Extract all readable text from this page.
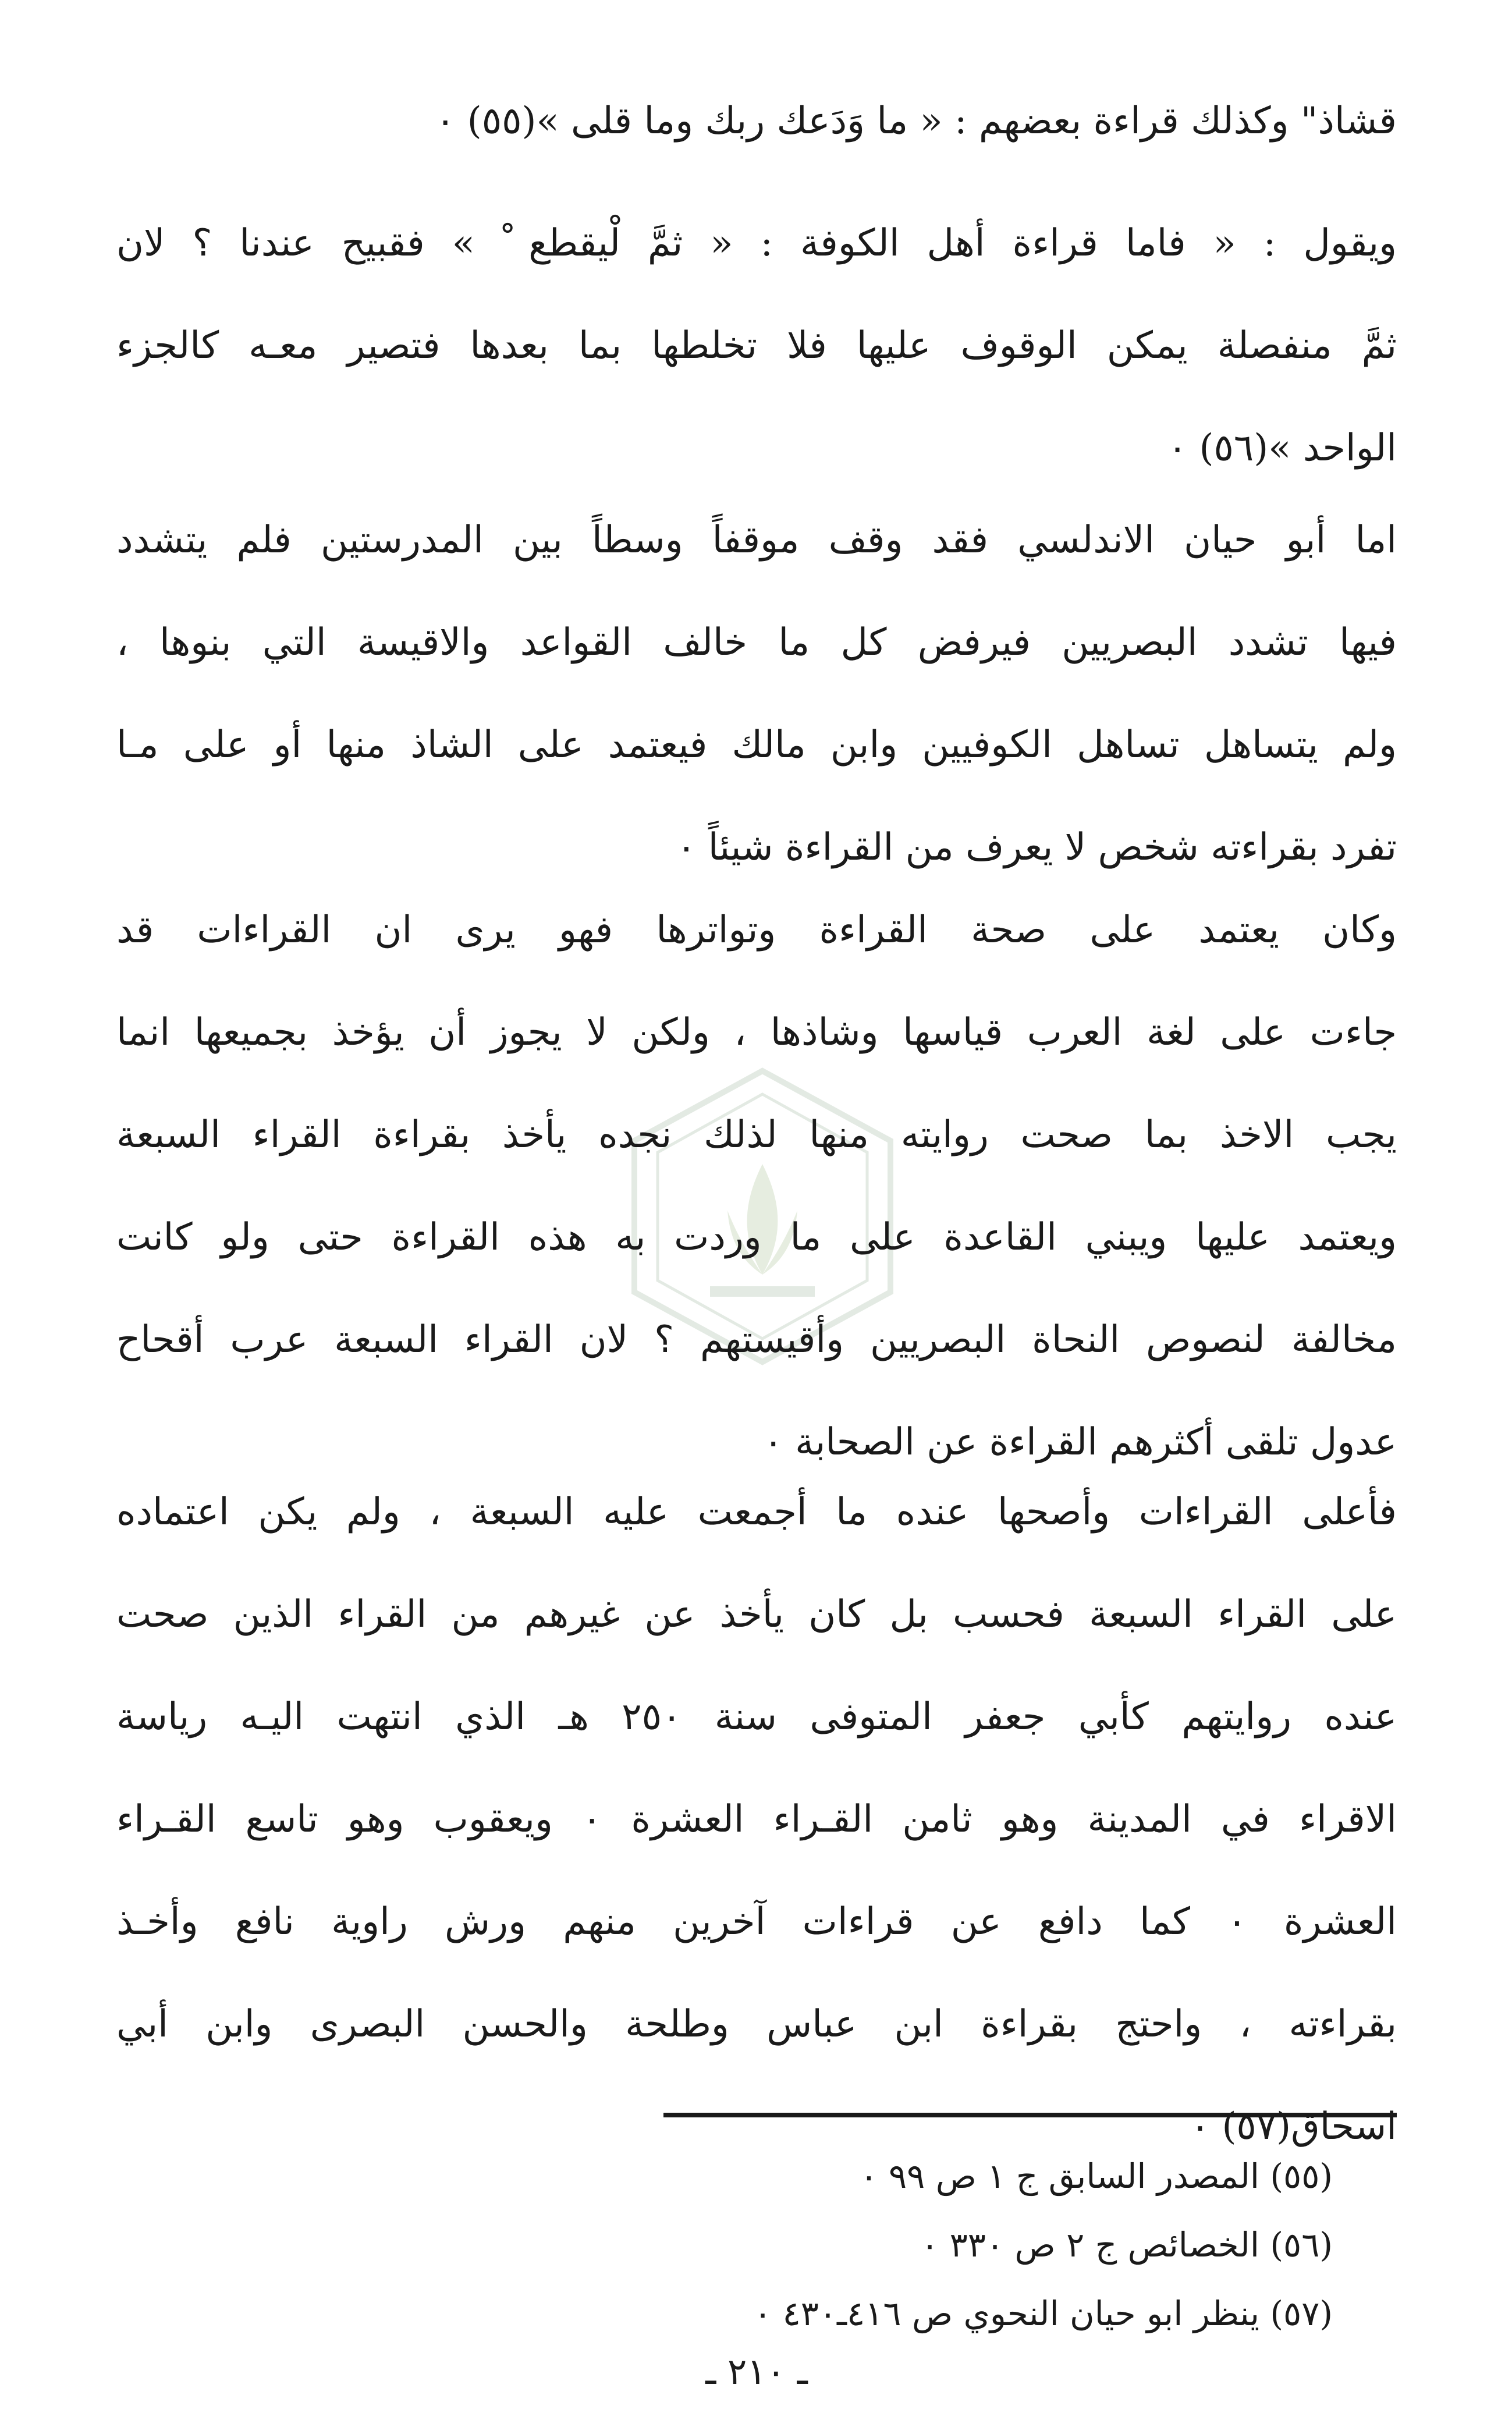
قشاذ" وكذلك قراءة بعضهم : « ما وَدَعك ربك وما قلى »(٥٥) ٠
ويقول : « فاما قراءة أهل الكوفة : « ثمَّ لْيقطع ْ » فقبيح عندنا ؟ لان
ثمَّ منفصلة يمكن الوقوف عليها فلا تخلطها بما بعدها فتصير معـه كالجزء
الواحد »(٥٦) ٠
اما أبو حيان الاندلسي فقد وقف موقفاً وسطاً بين المدرستين فلم يتشدد
فيها تشدد البصريين فيرفض كل ما خالف القواعد والاقيسة التي بنوها ،
ولم يتساهل تساهل الكوفيين وابن مالك فيعتمد على الشاذ منها أو على مـا
تفرد بقراءته شخص لا يعرف من القراءة شيئاً ٠
وكان يعتمد على صحة القراءة وتواترها فهو يرى ان القراءات قد
جاءت على لغة العرب قياسها وشاذها ، ولكن لا يجوز أن يؤخذ بجميعها انما
يجب الاخذ بما صحت روايته منها لذلك نجده يأخذ بقراءة القراء السبعة
ويعتمد عليها ويبني القاعدة على ما وردت به هذه القراءة حتى ولو كانت
مخالفة لنصوص النحاة البصريين وأقيستهم ؟ لان القراء السبعة عرب أقحاح
عدول تلقى أكثرهم القراءة عن الصحابة ٠
فأعلى القراءات وأصحها عنده ما أجمعت عليه السبعة ، ولم يكن اعتماده
على القراء السبعة فحسب بل كان يأخذ عن غيرهم من القراء الذين صحت
عنده روايتهم كأبي جعفر المتوفى سنة ٢٥٠ هـ الذي انتهت اليـه رياسة
الاقراء في المدينة وهو ثامن القـراء العشرة ٠ ويعقوب وهو تاسع القـراء
العشرة ٠ كما دافع عن قراءات آخرين منهم ورش راوية نافع وأخـذ
بقراءته ، واحتج بقراءة ابن عباس وطلحة والحسن البصرى وابن أبي
اسحاق(٥٧) ٠
(٥٥) المصدر السابق ج ١ ص ٩٩ ٠
(٥٦) الخصائص ج ٢ ص ٣٣٠ ٠
(٥٧) ينظر ابو حيان النحوي ص ٤١٦ـ٤٣٠ ٠
ـ ٢١٠ ـ
